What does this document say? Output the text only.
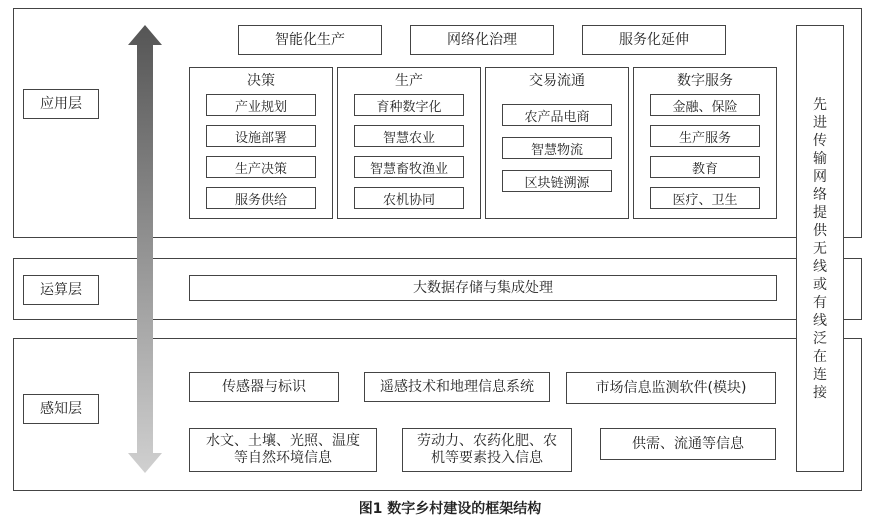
应用层
运算层
感知层
智能化生产	网络化治理	服务化延伸
决策
产业规划
设施部署
生产决策
服务供给
生产
育种数字化
智慧农业
智慧畜牧渔业
农机协同
交易流通
农产品电商
智慧物流
区块链溯源
数字服务
金融、保险
生产服务
教育
医疗、卫生
大数据存储与集成处理
传感器与标识	遥感技术和地理信息系统	市场信息监测软件(模块)
水文、土壤、光照、温度
等自然环境信息
劳动力、农药化肥、农
机等要素投入信息
供需、流通等信息
先
进
传
输
网
络
提
供
无
线
或
有
线
泛
在
连
接
图1 数字乡村建设的框架结构
